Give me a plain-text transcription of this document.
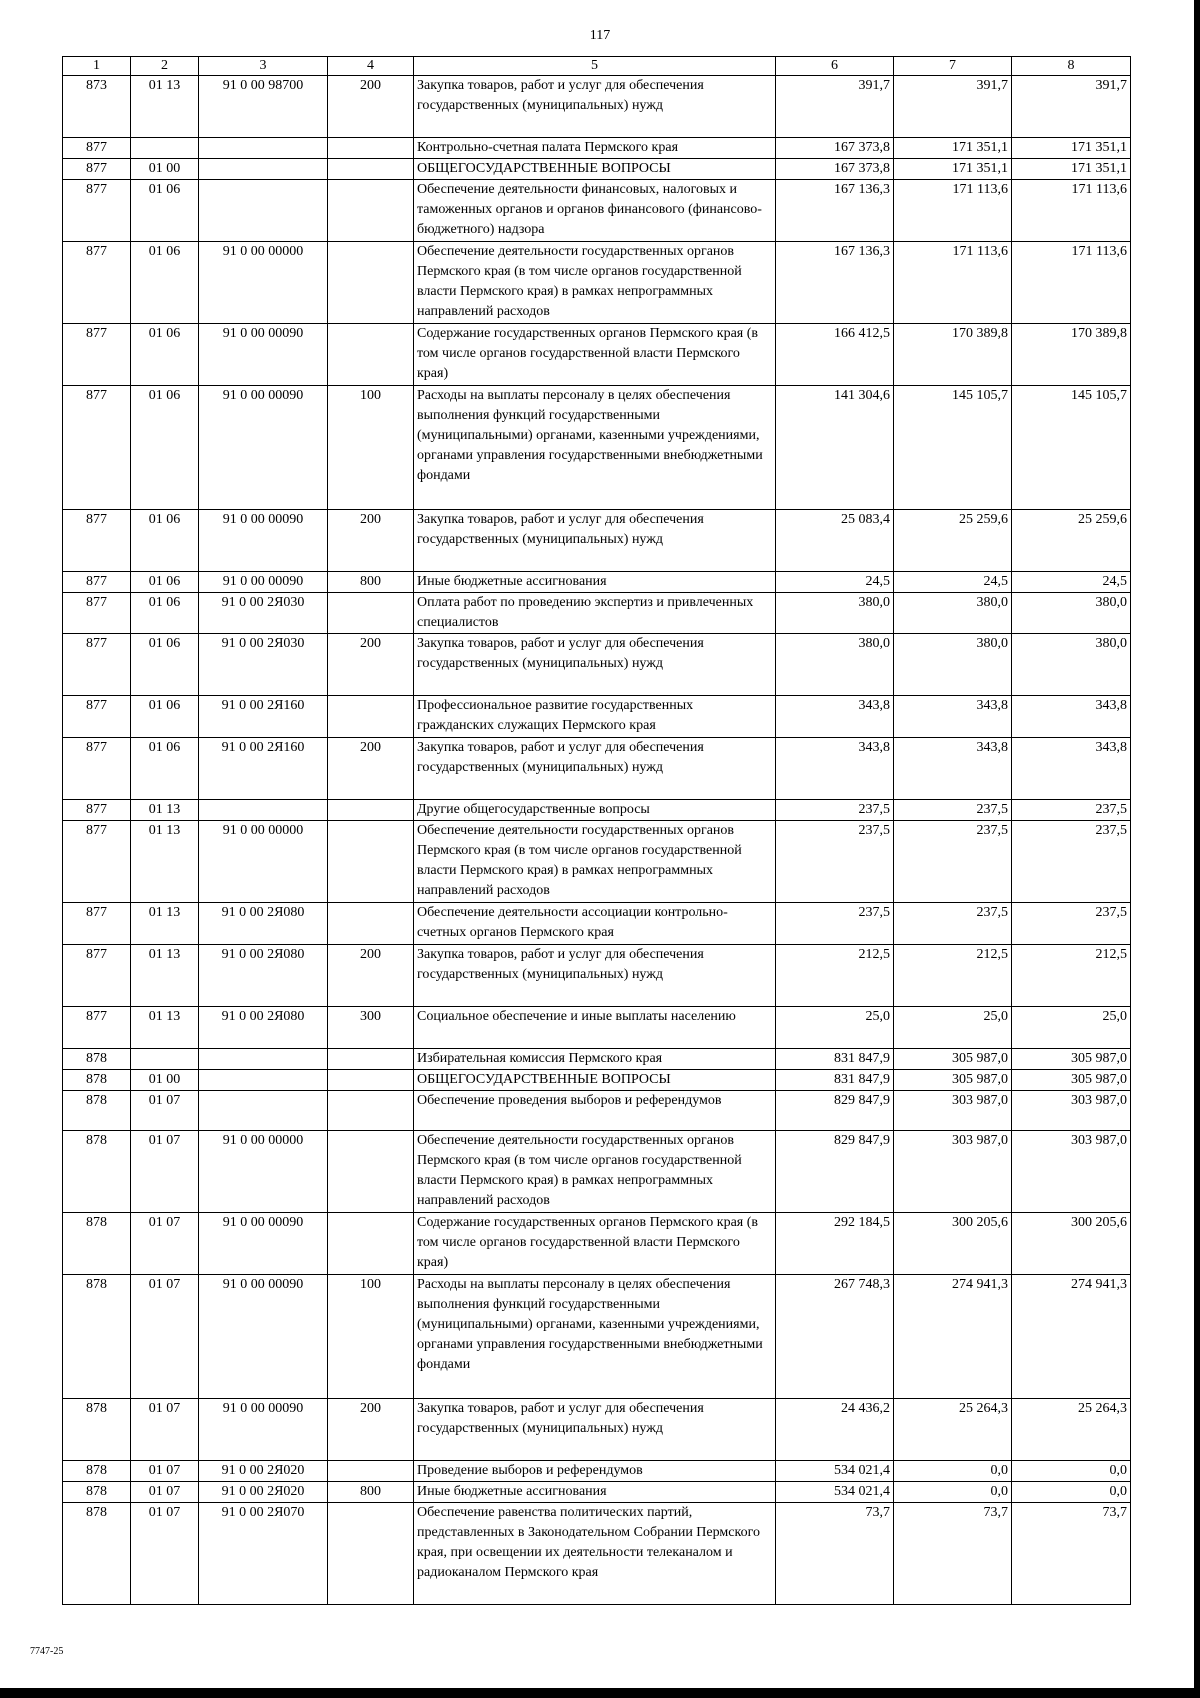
117
1	2	3	4	5	6	7	8
873	01 13	91 0 00 98700	200	Закупка товаров, работ и услуг для обеспечения государственных (муниципальных) нужд	391,7	391,7	391,7
877				Контрольно-счетная палата Пермского края	167 373,8	171 351,1	171 351,1
877	01 00			ОБЩЕГОСУДАРСТВЕННЫЕ ВОПРОСЫ	167 373,8	171 351,1	171 351,1
877	01 06			Обеспечение деятельности финансовых, налоговых и таможенных органов и органов финансового (финансово-бюджетного) надзора	167 136,3	171 113,6	171 113,6
877	01 06	91 0 00 00000		Обеспечение деятельности государственных органов Пермского края (в том числе органов государственной власти Пермского края) в рамках непрограммных направлений расходов	167 136,3	171 113,6	171 113,6
877	01 06	91 0 00 00090		Содержание государственных органов Пермского края (в том числе органов государственной власти Пермского края)	166 412,5	170 389,8	170 389,8
877	01 06	91 0 00 00090	100	Расходы на выплаты персоналу в целях обеспечения выполнения функций государственными (муниципальными) органами, казенными учреждениями, органами управления государственными внебюджетными фондами	141 304,6	145 105,7	145 105,7
877	01 06	91 0 00 00090	200	Закупка товаров, работ и услуг для обеспечения государственных (муниципальных) нужд	25 083,4	25 259,6	25 259,6
877	01 06	91 0 00 00090	800	Иные бюджетные ассигнования	24,5	24,5	24,5
877	01 06	91 0 00 2Я030		Оплата работ по проведению экспертиз и привлеченных специалистов	380,0	380,0	380,0
877	01 06	91 0 00 2Я030	200	Закупка товаров, работ и услуг для обеспечения государственных (муниципальных) нужд	380,0	380,0	380,0
877	01 06	91 0 00 2Я160		Профессиональное развитие государственных гражданских служащих Пермского края	343,8	343,8	343,8
877	01 06	91 0 00 2Я160	200	Закупка товаров, работ и услуг для обеспечения государственных (муниципальных) нужд	343,8	343,8	343,8
877	01 13			Другие общегосударственные вопросы	237,5	237,5	237,5
877	01 13	91 0 00 00000		Обеспечение деятельности государственных органов Пермского края (в том числе органов государственной власти Пермского края) в рамках непрограммных направлений расходов	237,5	237,5	237,5
877	01 13	91 0 00 2Я080		Обеспечение деятельности ассоциации контрольно-счетных органов Пермского края	237,5	237,5	237,5
877	01 13	91 0 00 2Я080	200	Закупка товаров, работ и услуг для обеспечения государственных (муниципальных) нужд	212,5	212,5	212,5
877	01 13	91 0 00 2Я080	300	Социальное обеспечение и иные выплаты населению	25,0	25,0	25,0
878				Избирательная комиссия Пермского края	831 847,9	305 987,0	305 987,0
878	01 00			ОБЩЕГОСУДАРСТВЕННЫЕ ВОПРОСЫ	831 847,9	305 987,0	305 987,0
878	01 07			Обеспечение проведения выборов и референдумов	829 847,9	303 987,0	303 987,0
878	01 07	91 0 00 00000		Обеспечение деятельности государственных органов Пермского края (в том числе органов государственной власти Пермского края) в рамках непрограммных направлений расходов	829 847,9	303 987,0	303 987,0
878	01 07	91 0 00 00090		Содержание государственных органов Пермского края (в том числе органов государственной власти Пермского края)	292 184,5	300 205,6	300 205,6
878	01 07	91 0 00 00090	100	Расходы на выплаты персоналу в целях обеспечения выполнения функций государственными (муниципальными) органами, казенными учреждениями, органами управления государственными внебюджетными фондами	267 748,3	274 941,3	274 941,3
878	01 07	91 0 00 00090	200	Закупка товаров, работ и услуг для обеспечения государственных (муниципальных) нужд	24 436,2	25 264,3	25 264,3
878	01 07	91 0 00 2Я020		Проведение выборов и референдумов	534 021,4	0,0	0,0
878	01 07	91 0 00 2Я020	800	Иные бюджетные ассигнования	534 021,4	0,0	0,0
878	01 07	91 0 00 2Я070		Обеспечение равенства политических партий, представленных в Законодательном Собрании Пермского края, при освещении их деятельности телеканалом и радиоканалом Пермского края	73,7	73,7	73,7
7747-25
